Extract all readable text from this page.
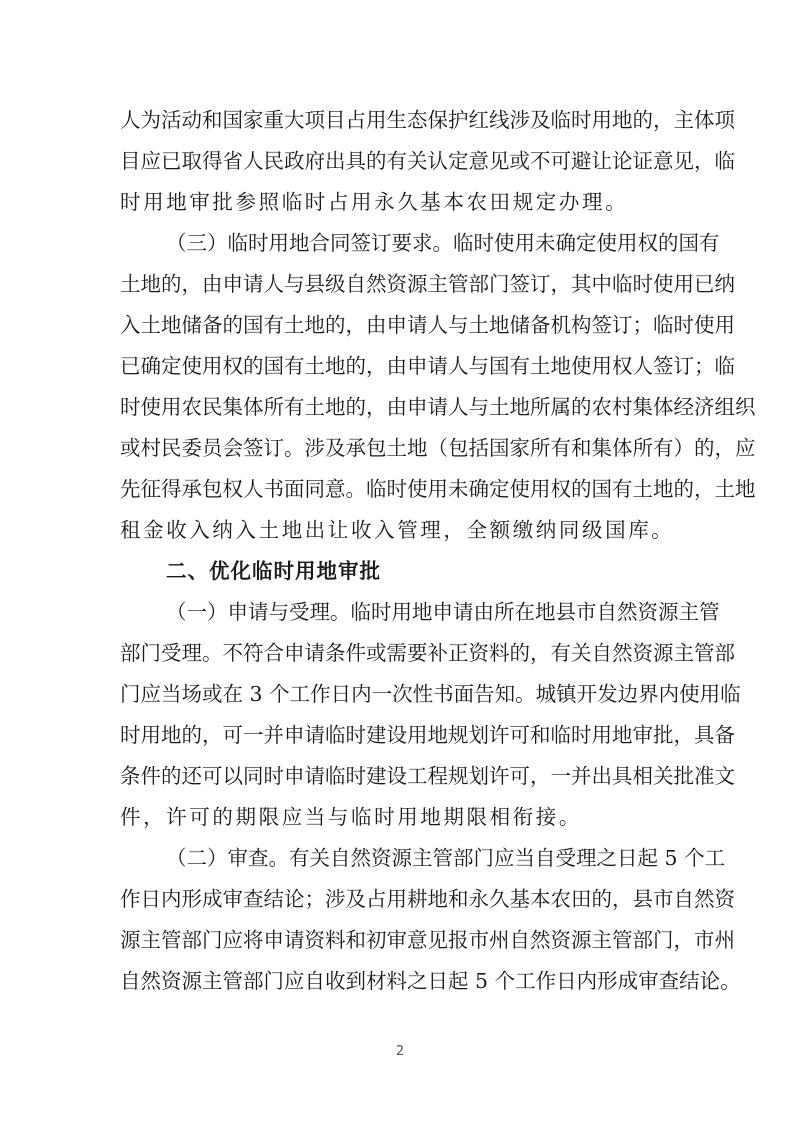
人为活动和国家重大项目占用生态保护红线涉及临时用地的，主体项
目应已取得省人民政府出具的有关认定意见或不可避让论证意见，临
时用地审批参照临时占用永久基本农田规定办理。
（三）临时用地合同签订要求。临时使用未确定使用权的国有
土地的，由申请人与县级自然资源主管部门签订，其中临时使用已纳
入土地储备的国有土地的，由申请人与土地储备机构签订；临时使用
已确定使用权的国有土地的，由申请人与国有土地使用权人签订；临
时使用农民集体所有土地的，由申请人与土地所属的农村集体经济组织
或村民委员会签订。涉及承包土地（包括国家所有和集体所有）的，应
先征得承包权人书面同意。临时使用未确定使用权的国有土地的，土地
租金收入纳入土地出让收入管理，全额缴纳同级国库。
二、优化临时用地审批
（一）申请与受理。临时用地申请由所在地县市自然资源主管
部门受理。不符合申请条件或需要补正资料的，有关自然资源主管部
门应当场或在 3 个工作日内一次性书面告知。城镇开发边界内使用临
时用地的，可一并申请临时建设用地规划许可和临时用地审批，具备
条件的还可以同时申请临时建设工程规划许可，一并出具相关批准文
件，许可的期限应当与临时用地期限相衔接。
（二）审查。有关自然资源主管部门应当自受理之日起 5 个工
作日内形成审查结论；涉及占用耕地和永久基本农田的，县市自然资
源主管部门应将申请资料和初审意见报市州自然资源主管部门，市州
自然资源主管部门应自收到材料之日起 5 个工作日内形成审查结论。
2
